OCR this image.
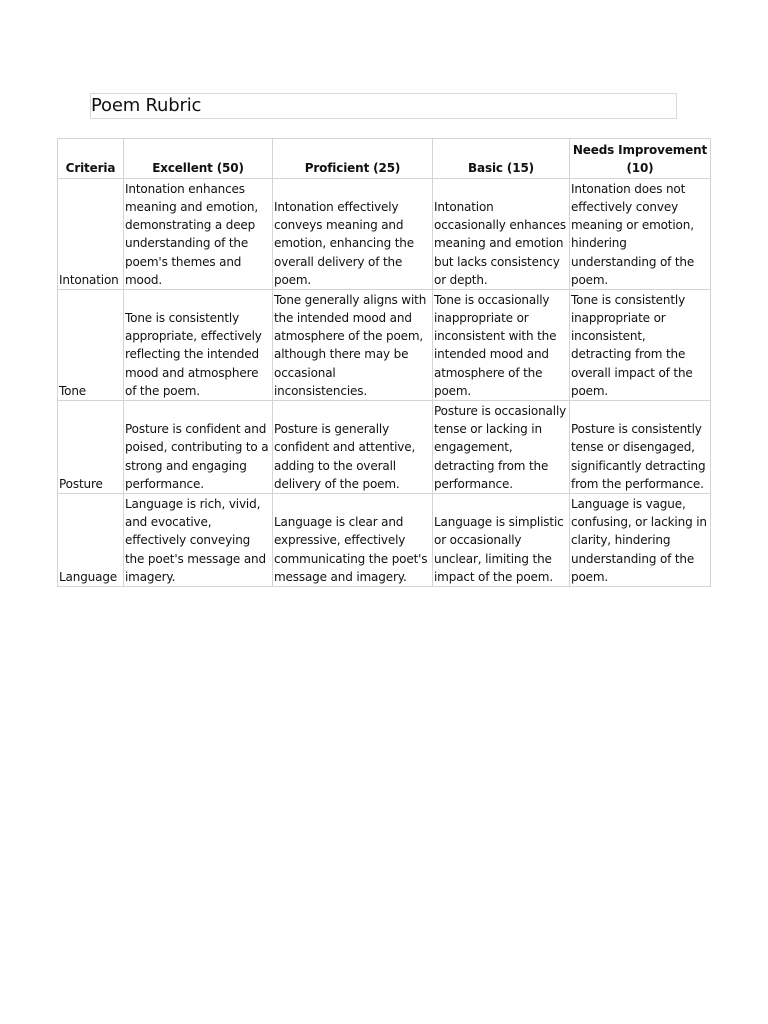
Poem Rubric
Criteria	Excellent (50)	Proficient (25)	Basic (15)	Needs Improvement (10)
Intonation	Intonation enhances meaning and emotion, demonstrating a deep understanding of the poem's themes and mood.	Intonation effectively conveys meaning and emotion, enhancing the overall delivery of the poem.	Intonation occasionally enhances meaning and emotion but lacks consistency or depth.	Intonation does not effectively convey meaning or emotion, hindering understanding of the poem.
Tone	Tone is consistently appropriate, effectively reflecting the intended mood and atmosphere of the poem.	Tone generally aligns with the intended mood and atmosphere of the poem, although there may be occasional inconsistencies.	Tone is occasionally inappropriate or inconsistent with the intended mood and atmosphere of the poem.	Tone is consistently inappropriate or inconsistent, detracting from the overall impact of the poem.
Posture	Posture is confident and poised, contributing to a strong and engaging performance.	Posture is generally confident and attentive, adding to the overall delivery of the poem.	Posture is occasionally tense or lacking in engagement, detracting from the performance.	Posture is consistently tense or disengaged, significantly detracting from the performance.
Language	Language is rich, vivid, and evocative, effectively conveying the poet's message and imagery.	Language is clear and expressive, effectively communicating the poet's message and imagery.	Language is simplistic or occasionally unclear, limiting the impact of the poem.	Language is vague, confusing, or lacking in clarity, hindering understanding of the poem.
